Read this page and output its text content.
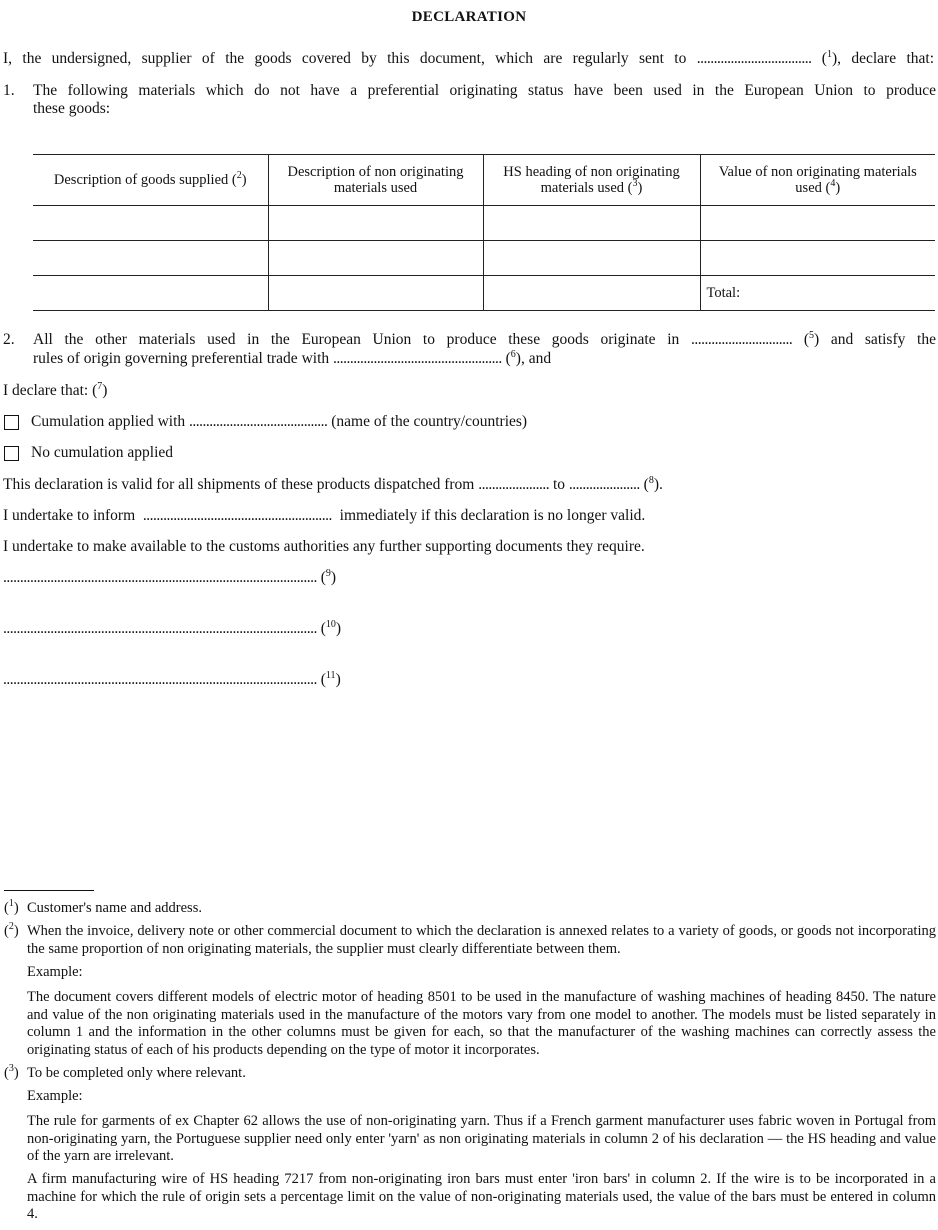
DECLARATION
I, the undersigned, supplier of the goods covered by this document, which are regularly sent to .................................. ($^1$), declare that:
1. The following materials which do not have a preferential originating status have been used in the European Union to produce
these goods:
Description of goods supplied ($^2$)	Description of non originating materials used	HS heading of non originating materials used ($^3$)	Value of non originating materials used ($^4$)

			Total:
2. All the other materials used in the European Union to produce these goods originate in .............................. ($^5$) and satisfy the
rules of origin governing preferential trade with .................................................. ($^6$), and
I declare that: ($^7$)
Cumulation applied with ......................................... (name of the country/countries)
No cumulation applied
This declaration is valid for all shipments of these products dispatched from ..................... to ..................... ($^8$).
I undertake to inform ........................................................ immediately if this declaration is no longer valid.
I undertake to make available to the customs authorities any further supporting documents they require.
............................................................................................. ($^9$)
............................................................................................. ($^{10}$)
............................................................................................. ($^{11}$)
($^1$) Customer's name and address.
($^2$) When the invoice, delivery note or other commercial document to which the declaration is annexed relates to a variety of goods, or goods not incorporating the same proportion of non originating materials, the supplier must clearly differentiate between them.
Example:
The document covers different models of electric motor of heading 8501 to be used in the manufacture of washing machines of heading 8450. The nature and value of the non originating materials used in the manufacture of the motors vary from one model to another. The models must be listed separately in column 1 and the information in the other columns must be given for each, so that the manufacturer of the washing machines can correctly assess the originating status of each of his products depending on the type of motor it incorporates.
($^3$) To be completed only where relevant.
Example:
The rule for garments of ex Chapter 62 allows the use of non-originating yarn. Thus if a French garment manufacturer uses fabric woven in Portugal from non-originating yarn, the Portuguese supplier need only enter 'yarn' as non originating materials in column 2 of his declaration — the HS heading and value of the yarn are irrelevant.
A firm manufacturing wire of HS heading 7217 from non-originating iron bars must enter 'iron bars' in column 2. If the wire is to be incorporated in a machine for which the rule of origin sets a percentage limit on the value of non-originating materials used, the value of the bars must be entered in column 4.
